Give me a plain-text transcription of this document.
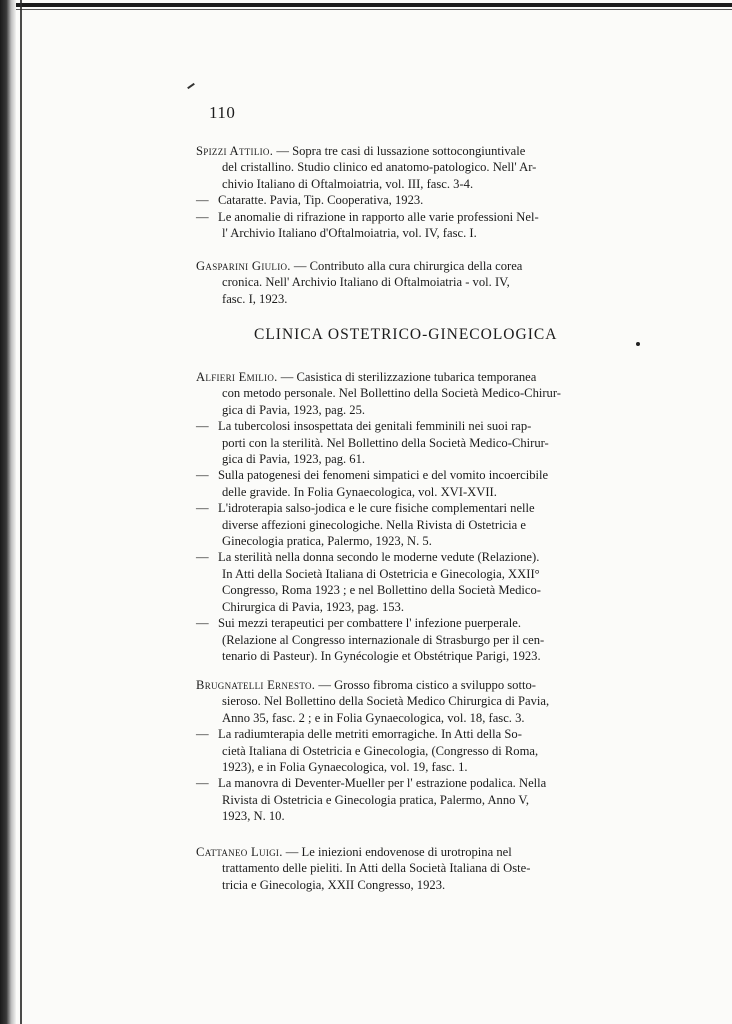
110

Spizzi Attilio. — Sopra tre casi di lussazione sottocongiuntivale
del cristallino. Studio clinico ed anatomo-patologico. Nell' Ar-
chivio Italiano di Oftalmoiatria, vol. III, fasc. 3-4.

— Cataratte. Pavia, Tip. Cooperativa, 1923.
— Le anomalie di rifrazione in rapporto alle varie professioni Nel-
l' Archivio Italiano d'Oftalmoiatria, vol. IV, fasc. I.

Gasparini Giulio. — Contributo alla cura chirurgica della corea
cronica. Nell' Archivio Italiano di Oftalmoiatria - vol. IV,
fasc. I, 1923.

CLINICA OSTETRICO-GINECOLOGICA

Alfieri Emilio. — Casistica di sterilizzazione tubarica temporanea
con metodo personale. Nel Bollettino della Società Medico-Chirur-
gica di Pavia, 1923, pag. 25.

— La tubercolosi insospettata dei genitali femminili nei suoi rap-
porti con la sterilità. Nel Bollettino della Società Medico-Chirur-
gica di Pavia, 1923, pag. 61.
— Sulla patogenesi dei fenomeni simpatici e del vomito incoercibile
delle gravide. In Folia Gynaecologica, vol. XVI-XVII.
— L'idroterapia salso-jodica e le cure fisiche complementari nelle
diverse affezioni ginecologiche. Nella Rivista di Ostetricia e
Ginecologia pratica, Palermo, 1923, N. 5.
— La sterilità nella donna secondo le moderne vedute (Relazione).
In Atti della Società Italiana di Ostetricia e Ginecologia, XXII°
Congresso, Roma 1923 ; e nel Bollettino della Società Medico-
Chirurgica di Pavia, 1923, pag. 153.
— Sui mezzi terapeutici per combattere l' infezione puerperale.
(Relazione al Congresso internazionale di Strasburgo per il cen-
tenario di Pasteur). In Gynécologie et Obstétrique Parigi, 1923.

Brugnatelli Ernesto. — Grosso fibroma cistico a sviluppo sotto-
sieroso. Nel Bollettino della Società Medico Chirurgica di Pavia,
Anno 35, fasc. 2 ; e in Folia Gynaecologica, vol. 18, fasc. 3.

— La radiumterapia delle metriti emorragiche. In Atti della So-
cietà Italiana di Ostetricia e Ginecologia, (Congresso di Roma,
1923), e in Folia Gynaecologica, vol. 19, fasc. 1.
— La manovra di Deventer-Mueller per l' estrazione podalica. Nella
Rivista di Ostetricia e Ginecologia pratica, Palermo, Anno V,
1923, N. 10.

Cattaneo Luigi. — Le iniezioni endovenose di urotropina nel
trattamento delle pieliti. In Atti della Società Italiana di Oste-
tricia e Ginecologia, XXII Congresso, 1923.
